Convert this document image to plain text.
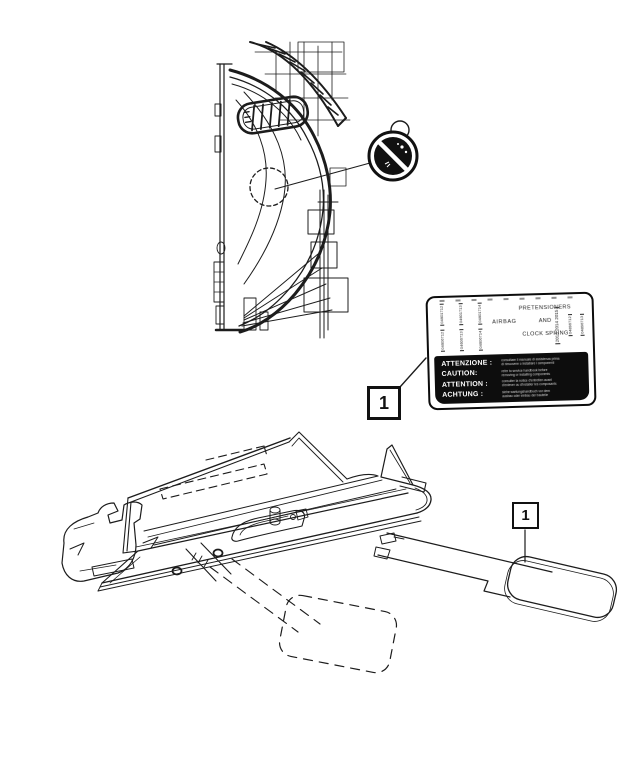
04601712	04601713	04601714
04606712	04606713	04606714
AIRBAG
PRETENSIONERS
AND
CLOCK SPRING
2013 2014 2015 04896712 04896713
ATTENZIONE :	consultare il manuale di assistenza prima
di rimuovere o installare i componenti
CAUTION:	refer to service handbook before
removing or installing components
ATTENTION :	consulter la notice d'entretien avant
d'enlever ou d'installer les composants
ACHTUNG :	siehe wartungshandbuch vor dem
ausbau oder einbau der bauteile
1
1
